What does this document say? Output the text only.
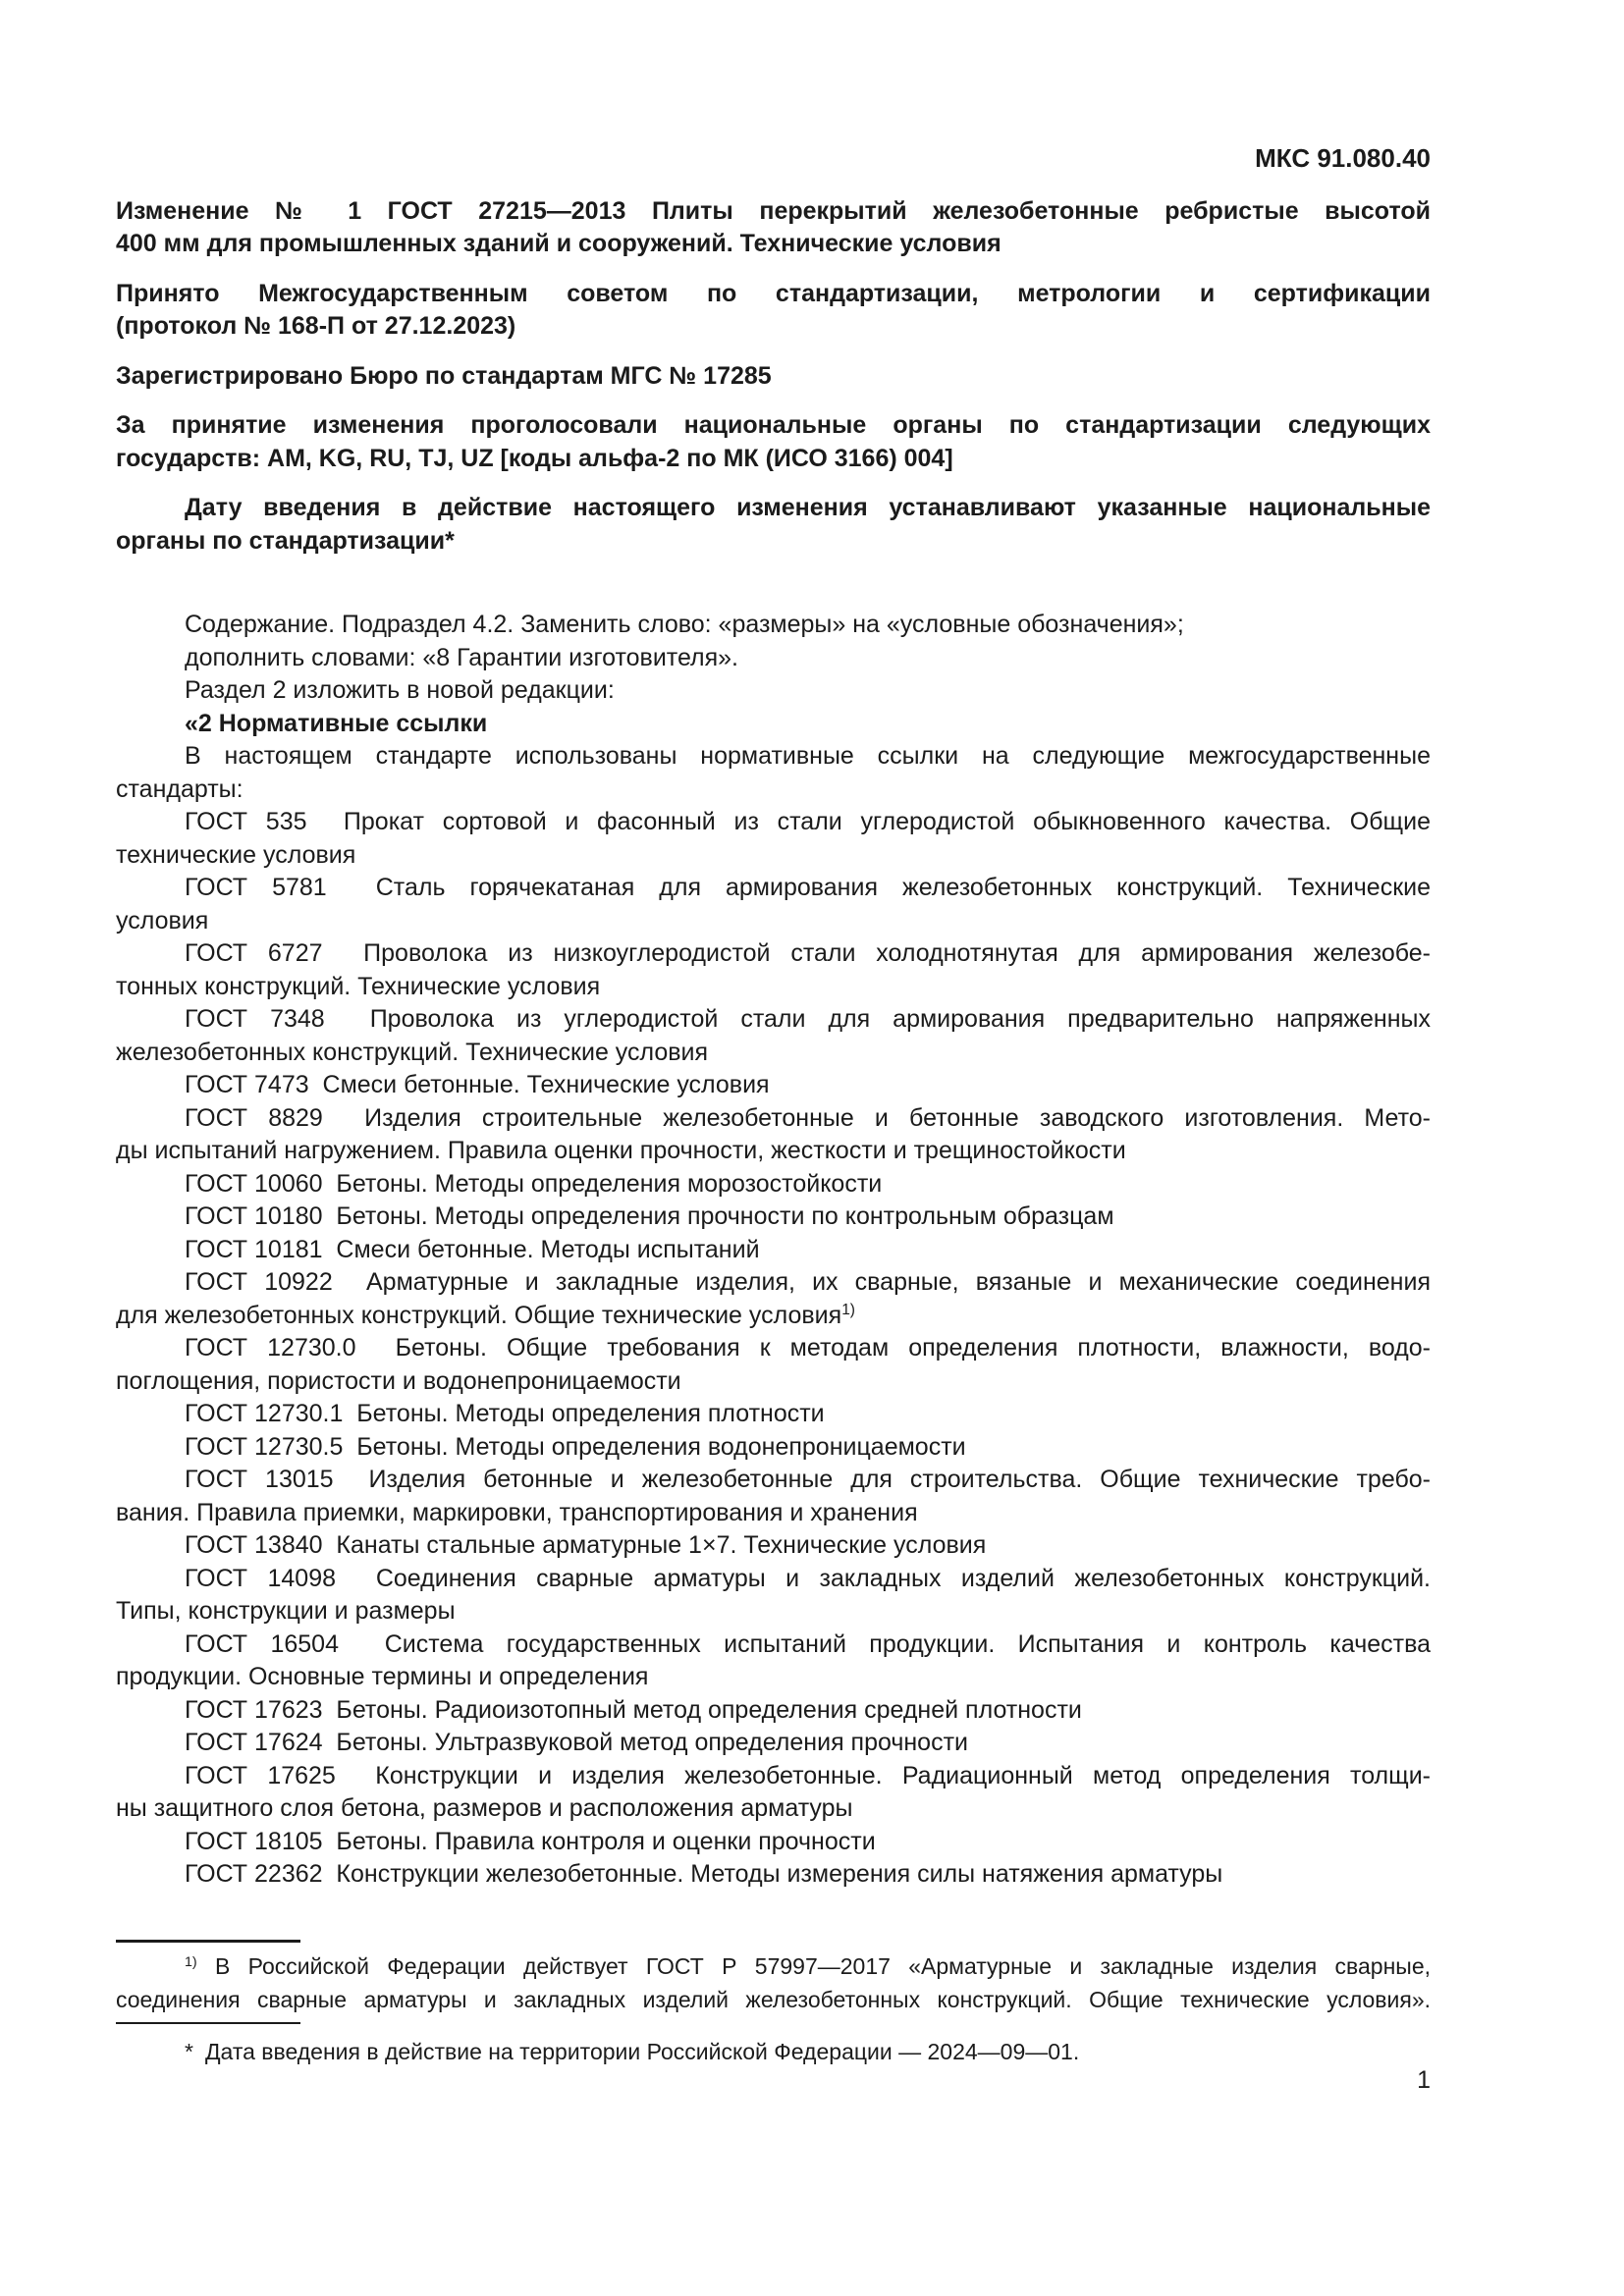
МКС 91.080.40
Изменение № 1 ГОСТ 27215—2013 Плиты перекрытий железобетонные ребристые высотой
400 мм для промышленных зданий и сооружений. Технические условия
Принято Межгосударственным советом по стандартизации, метрологии и сертификации
(протокол № 168-П от 27.12.2023)
Зарегистрировано Бюро по стандартам МГС № 17285
За принятие изменения проголосовали национальные органы по стандартизации следующих
государств: AM, KG, RU, TJ, UZ [коды альфа-2 по МК (ИСО 3166) 004]
Дату введения в действие настоящего изменения устанавливают указанные национальные
органы по стандартизации*
Содержание. Подраздел 4.2. Заменить слово: «размеры» на «условные обозначения»;
дополнить словами: «8 Гарантии изготовителя».
Раздел 2 изложить в новой редакции:
«2 Нормативные ссылки
В настоящем стандарте использованы нормативные ссылки на следующие межгосударственные
стандарты:
ГОСТ 535  Прокат сортовой и фасонный из стали углеродистой обыкновенного качества. Общие
технические условия
ГОСТ 5781  Сталь горячекатаная для армирования железобетонных конструкций. Технические
условия
ГОСТ 6727  Проволока из низкоуглеродистой стали холоднотянутая для армирования железобе-
тонных конструкций. Технические условия
ГОСТ 7348  Проволока из углеродистой стали для армирования предварительно напряженных
железобетонных конструкций. Технические условия
ГОСТ 7473  Смеси бетонные. Технические условия
ГОСТ 8829  Изделия строительные железобетонные и бетонные заводского изготовления. Мето-
ды испытаний нагружением. Правила оценки прочности, жесткости и трещиностойкости
ГОСТ 10060  Бетоны. Методы определения морозостойкости
ГОСТ 10180  Бетоны. Методы определения прочности по контрольным образцам
ГОСТ 10181  Смеси бетонные. Методы испытаний
ГОСТ 10922  Арматурные и закладные изделия, их сварные, вязаные и механические соединения
для железобетонных конструкций. Общие технические условия$^{1)}$
ГОСТ 12730.0  Бетоны. Общие требования к методам определения плотности, влажности, водо-
поглощения, пористости и водонепроницаемости
ГОСТ 12730.1  Бетоны. Методы определения плотности
ГОСТ 12730.5  Бетоны. Методы определения водонепроницаемости
ГОСТ 13015  Изделия бетонные и железобетонные для строительства. Общие технические требо-
вания. Правила приемки, маркировки, транспортирования и хранения
ГОСТ 13840  Канаты стальные арматурные 1×7. Технические условия
ГОСТ 14098  Соединения сварные арматуры и закладных изделий железобетонных конструкций.
Типы, конструкции и размеры
ГОСТ 16504  Система государственных испытаний продукции. Испытания и контроль качества
продукции. Основные термины и определения
ГОСТ 17623  Бетоны. Радиоизотопный метод определения средней плотности
ГОСТ 17624  Бетоны. Ультразвуковой метод определения прочности
ГОСТ 17625  Конструкции и изделия железобетонные. Радиационный метод определения толщи-
ны защитного слоя бетона, размеров и расположения арматуры
ГОСТ 18105  Бетоны. Правила контроля и оценки прочности
ГОСТ 22362  Конструкции железобетонные. Методы измерения силы натяжения арматуры
$^{1)}$ В Российской Федерации действует ГОСТ Р 57997—2017 «Арматурные и закладные изделия сварные,
соединения сварные арматуры и закладных изделий железобетонных конструкций. Общие технические условия».
* Дата введения в действие на территории Российской Федерации — 2024—09—01.
1
